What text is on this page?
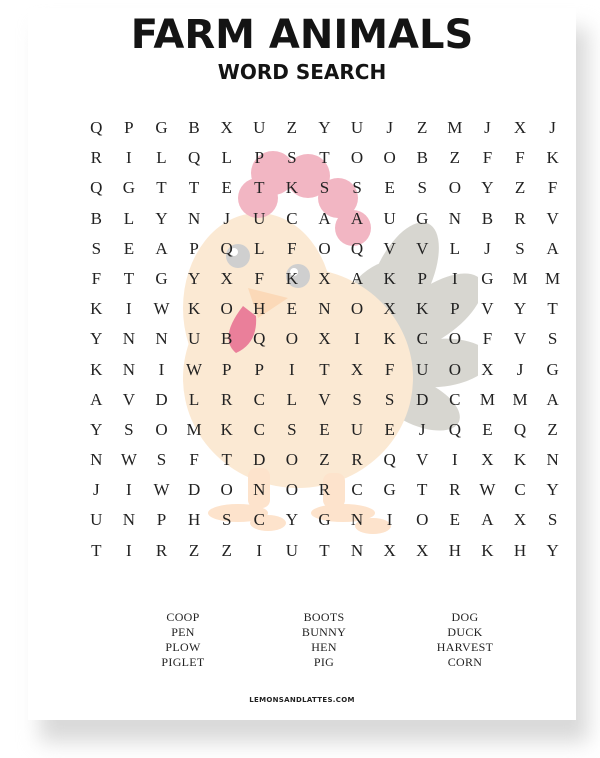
FARM ANIMALS
WORD SEARCH
Q	P	G	B	X	U	Z	Y	U	J	Z	M	J	X	J
R	I	L	Q	L	P	S	T	O	O	B	Z	F	F	K
Q	G	T	T	E	T	K	S	S	E	S	O	Y	Z	F
B	L	Y	N	J	U	C	A	A	U	G	N	B	R	V
S	E	A	P	Q	L	F	O	Q	V	V	L	J	S	A
F	T	G	Y	X	F	K	X	A	K	P	I	G	M	M
K	I	W	K	O	H	E	N	O	X	K	P	V	Y	T
Y	N	N	U	B	Q	O	X	I	K	C	O	F	V	S
K	N	I	W	P	P	I	T	X	F	U	O	X	J	G
A	V	D	L	R	C	L	V	S	S	D	C	M	M	A
Y	S	O	M	K	C	S	E	U	E	J	Q	E	Q	Z
N	W	S	F	T	D	O	Z	R	Q	V	I	X	K	N
J	I	W	D	O	N	O	R	C	G	T	R	W	C	Y
U	N	P	H	S	C	Y	G	N	I	O	E	A	X	S
T	I	R	Z	Z	I	U	T	N	X	X	H	K	H	Y
COOP
PEN
PLOW
PIGLET
BOOTS
BUNNY
HEN
PIG
DOG
DUCK
HARVEST
CORN
LEMONSANDLATTES.COM
